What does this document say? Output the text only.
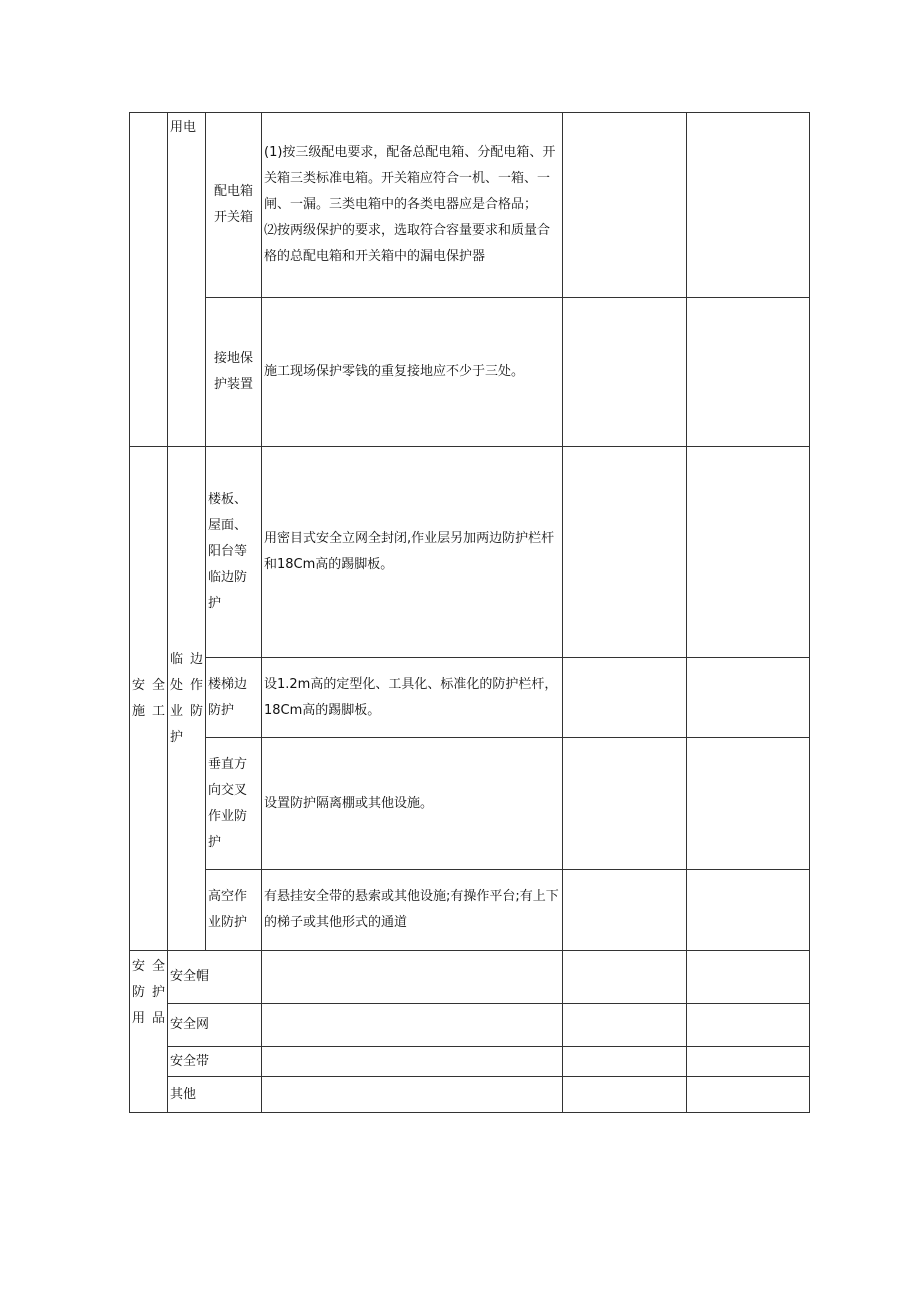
	用电	配电箱开关箱	(1)按三级配电要求，配备总配电箱、分配电箱、开关箱三类标准电箱。开关箱应符合一机、一箱、一闸、一漏。三类电箱中的各类电器应是合格品；
⑵按两级保护的要求，选取符合容量要求和质量合格的总配电箱和开关箱中的漏电保护器		

		接地保护装置	施工现场保护零钱的重复接地应不少于三处。		
安全施工	临边处作业防护	楼板、屋面、阳台等临边防护	用密目式安全立网全封闭,作业层另加两边防护栏杆和18Cm高的踢脚板。		
		楼梯边防护	设1.2m高的定型化、工具化、标准化的防护栏杆，18Cm高的踢脚板。		
		垂直方向交叉作业防护	设置防护隔离棚或其他设施。		
		高空作业防护	有悬挂安全带的悬索或其他设施;有操作平台;有上下的梯子或其他形式的通道		
安全防护用品	安全帽				
	安全网				
	安全带				
	其他				
